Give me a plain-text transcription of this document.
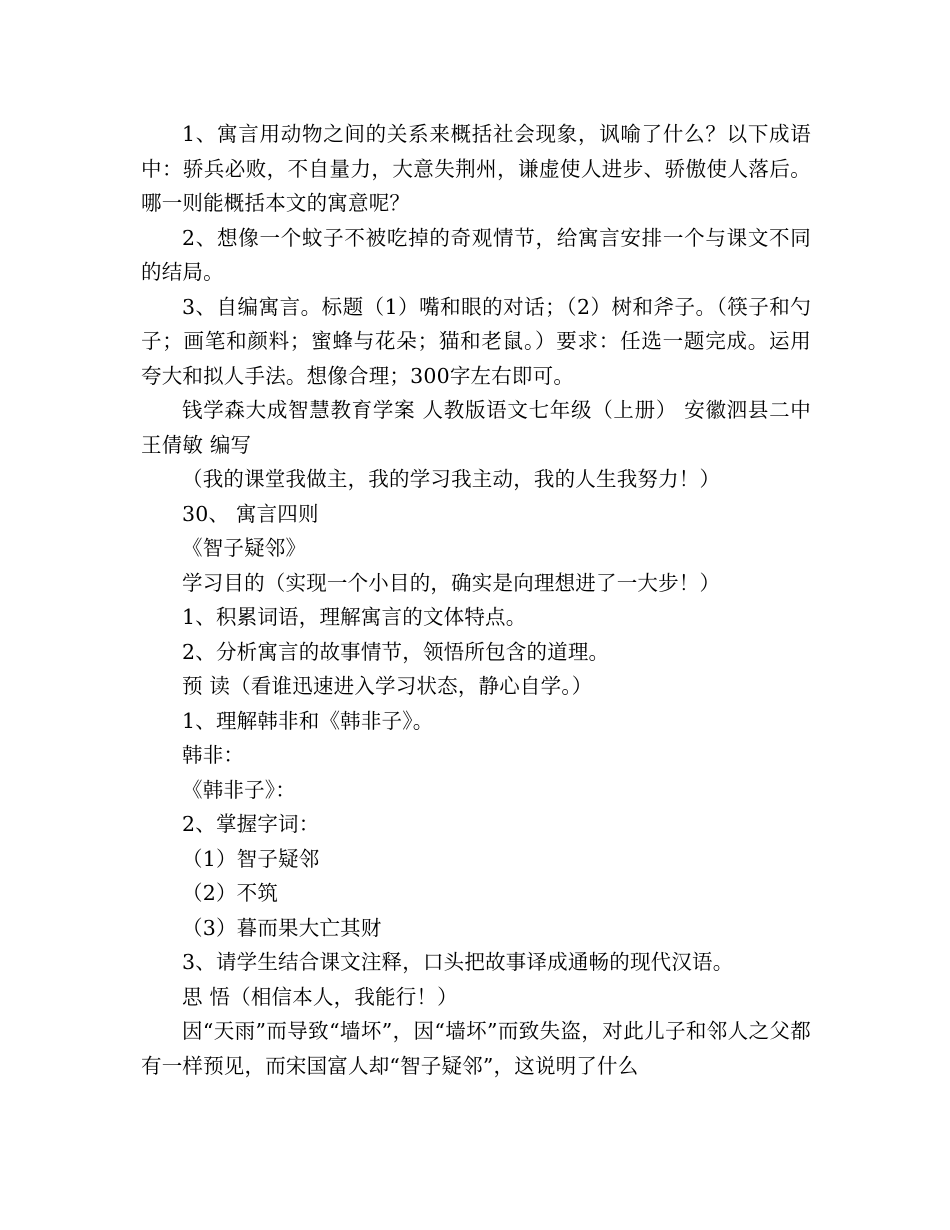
1、寓言用动物之间的关系来概括社会现象，讽喻了什么？以下成语中：骄兵必败，不自量力，大意失荆州，谦虚使人进步、骄傲使人落后。哪一则能概括本文的寓意呢？

2、想像一个蚊子不被吃掉的奇观情节，给寓言安排一个与课文不同的结局。

3、自编寓言。标题（1）嘴和眼的对话；（2）树和斧子。（筷子和勺子；画笔和颜料；蜜蜂与花朵；猫和老鼠。）要求：任选一题完成。运用夸大和拟人手法。想像合理；300字左右即可。

钱学森大成智慧教育学案 人教版语文七年级（上册） 安徽泗县二中 王倩敏 编写

（我的课堂我做主，我的学习我主动，我的人生我努力！）

30、 寓言四则

《智子疑邻》

学习目的（实现一个小目的，确实是向理想进了一大步！）

1、积累词语，理解寓言的文体特点。

2、分析寓言的故事情节，领悟所包含的道理。

预 读（看谁迅速进入学习状态，静心自学。）

1、理解韩非和《韩非子》。

韩非：

《韩非子》：

2、掌握字词：

（1）智子疑邻

（2）不筑

（3）暮而果大亡其财

3、请学生结合课文注释，口头把故事译成通畅的现代汉语。

思 悟（相信本人，我能行！）

因“天雨”而导致“墙坏”，因“墙坏”而致失盗，对此儿子和邻人之父都有一样预见，而宋国富人却“智子疑邻”，这说明了什么
